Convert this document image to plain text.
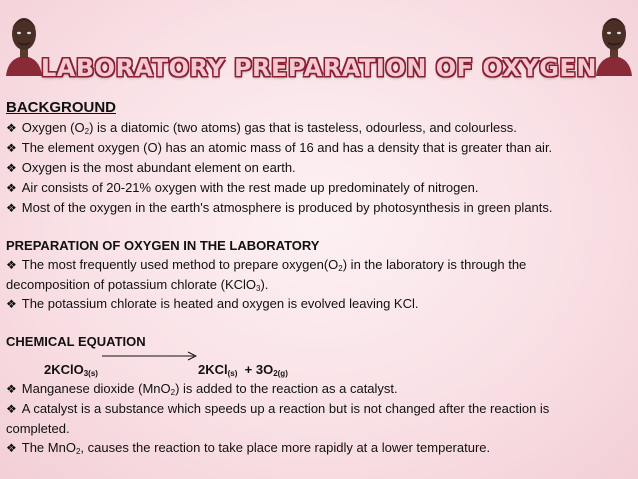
LABORATORY PREPARATION OF OXYGEN
BACKGROUND

❖ Oxygen $(O_2)$ is a diatomic (two atoms) gas that is tasteless, odourless, and colourless.

❖ The element oxygen (O) has an atomic mass of 16 and has a density that is greater than air.

❖ Oxygen is the most abundant element on earth.

❖ Air consists of 20-21% oxygen with the rest made up predominately of nitrogen.

❖ Most of the oxygen in the earth's atmosphere is produced by photosynthesis in green plants.

PREPARATION OF OXYGEN IN THE LABORATORY

❖ The most frequently used method to prepare $oxygen(O_2)$ in the laboratory is through the
decomposition of potassium chlorate (KClO$_3$).

❖ The potassium chlorate is heated and oxygen is evolved leaving KCl.

CHEMICAL EQUATION
2KClO$_{3(s)}$	$2KCl_{(s)} + 3O_{2(g)}$

❖ Manganese dioxide (MnO$_2$) is added to the reaction as a catalyst.

❖ A catalyst is a substance which speeds up a reaction but is not changed after the reaction is
completed.

❖ The MnO$_2$, causes the reaction to take place more rapidly at a lower temperature.
